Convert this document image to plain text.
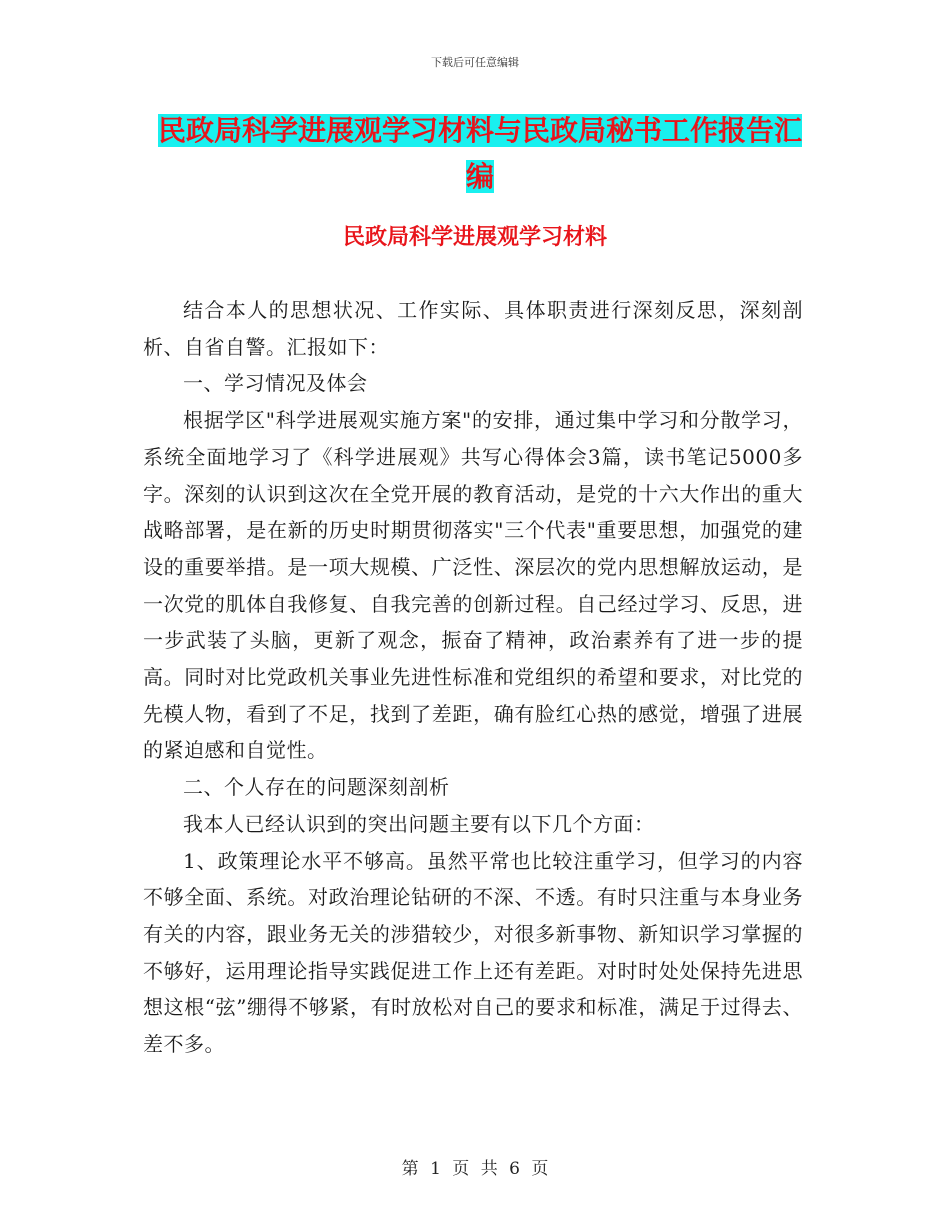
下载后可任意编辑
民政局科学进展观学习材料与民政局秘书工作报告汇
编
民政局科学进展观学习材料

结合本人的思想状况、工作实际、具体职责进行深刻反思，深刻剖析、自省自警。汇报如下：

一、学习情况及体会

根据学区"科学进展观实施方案"的安排，通过集中学习和分散学习，系统全面地学习了《科学进展观》共写心得体会3篇，读书笔记5000多字。深刻的认识到这次在全党开展的教育活动，是党的十六大作出的重大战略部署，是在新的历史时期贯彻落实"三个代表"重要思想，加强党的建设的重要举措。是一项大规模、广泛性、深层次的党内思想解放运动，是一次党的肌体自我修复、自我完善的创新过程。自己经过学习、反思，进一步武装了头脑，更新了观念，振奋了精神，政治素养有了进一步的提高。同时对比党政机关事业先进性标准和党组织的希望和要求，对比党的先模人物，看到了不足，找到了差距，确有脸红心热的感觉，增强了进展的紧迫感和自觉性。

二、个人存在的问题深刻剖析

我本人已经认识到的突出问题主要有以下几个方面：

1、政策理论水平不够高。虽然平常也比较注重学习，但学习的内容不够全面、系统。对政治理论钻研的不深、不透。有时只注重与本身业务有关的内容，跟业务无关的涉猎较少，对很多新事物、新知识学习掌握的不够好，运用理论指导实践促进工作上还有差距。对时时处处保持先进思想这根“弦”绷得不够紧，有时放松对自己的要求和标准，满足于过得去、差不多。

第 1 页 共 6 页
